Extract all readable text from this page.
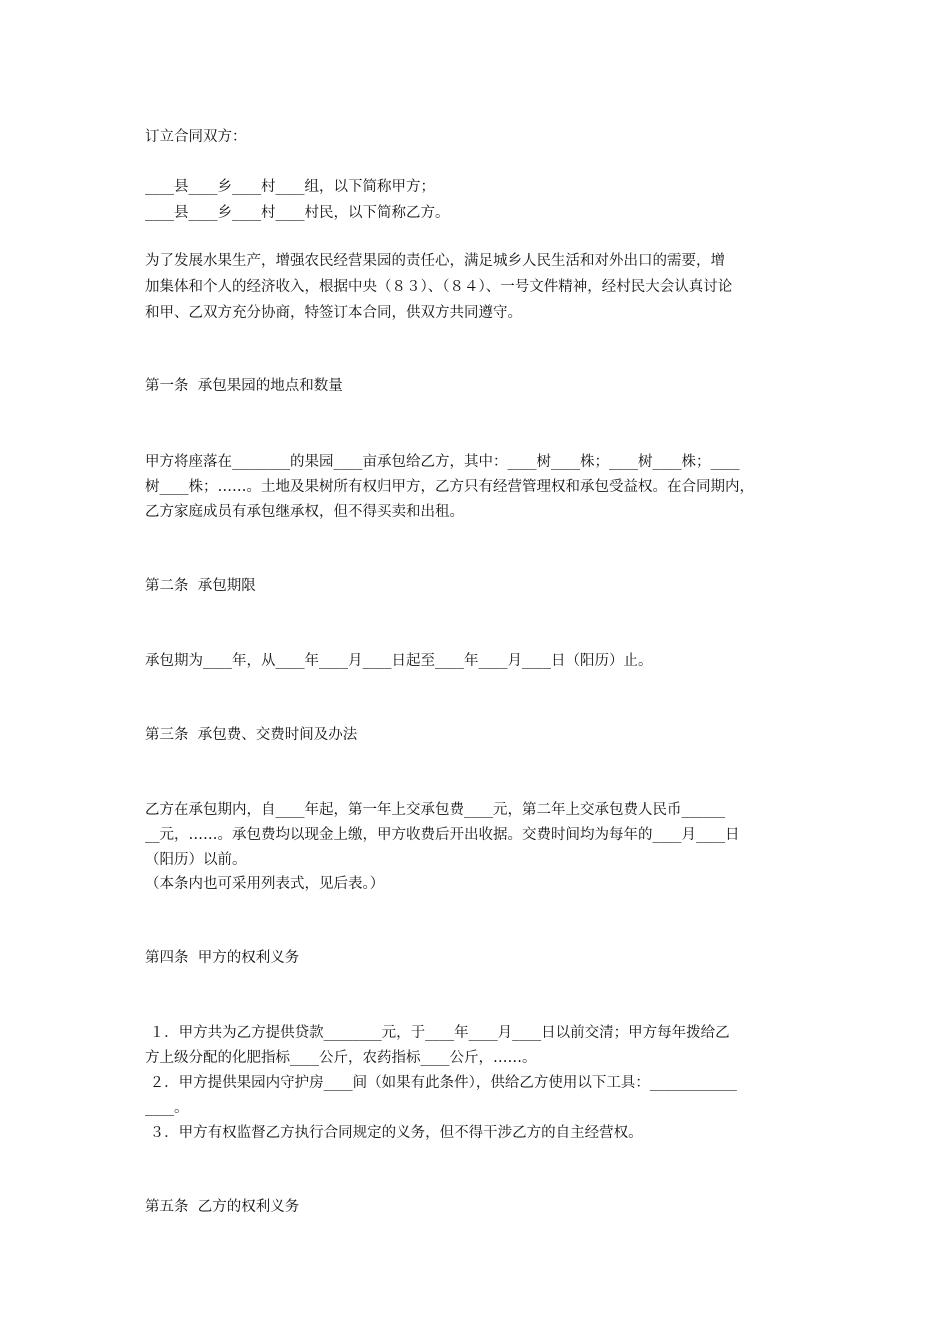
订立合同双方：
____县____乡____村____组，以下简称甲方；
____县____乡____村____村民，以下简称乙方。
为了发展水果生产，增强农民经营果园的责任心，满足城乡人民生活和对外出口的需要，增
加集体和个人的经济收入，根据中央（８３）、（８４）、一号文件精神，经村民大会认真讨论
和甲、乙双方充分协商，特签订本合同，供双方共同遵守。
第一条  承包果园的地点和数量
甲方将座落在________的果园____亩承包给乙方，其中：____树____株；____树____株；____
树____株；……。土地及果树所有权归甲方，乙方只有经营管理权和承包受益权。在合同期内，
乙方家庭成员有承包继承权，但不得买卖和出租。
第二条  承包期限
承包期为____年，从____年____月____日起至____年____月____日（阳历）止。
第三条  承包费、交费时间及办法
乙方在承包期内，自____年起，第一年上交承包费____元，第二年上交承包费人民币______
__元，……。承包费均以现金上缴，甲方收费后开出收据。交费时间均为每年的____月____日
（阳历）以前。
（本条内也可采用列表式，见后表。）
第四条  甲方的权利义务
１．甲方共为乙方提供贷款________元，于____年____月____日以前交清；甲方每年拨给乙
方上级分配的化肥指标____公斤，农药指标____公斤，……。
２．甲方提供果园内守护房____间（如果有此条件），供给乙方使用以下工具：____________
____。
３．甲方有权监督乙方执行合同规定的义务，但不得干涉乙方的自主经营权。
第五条  乙方的权利义务
